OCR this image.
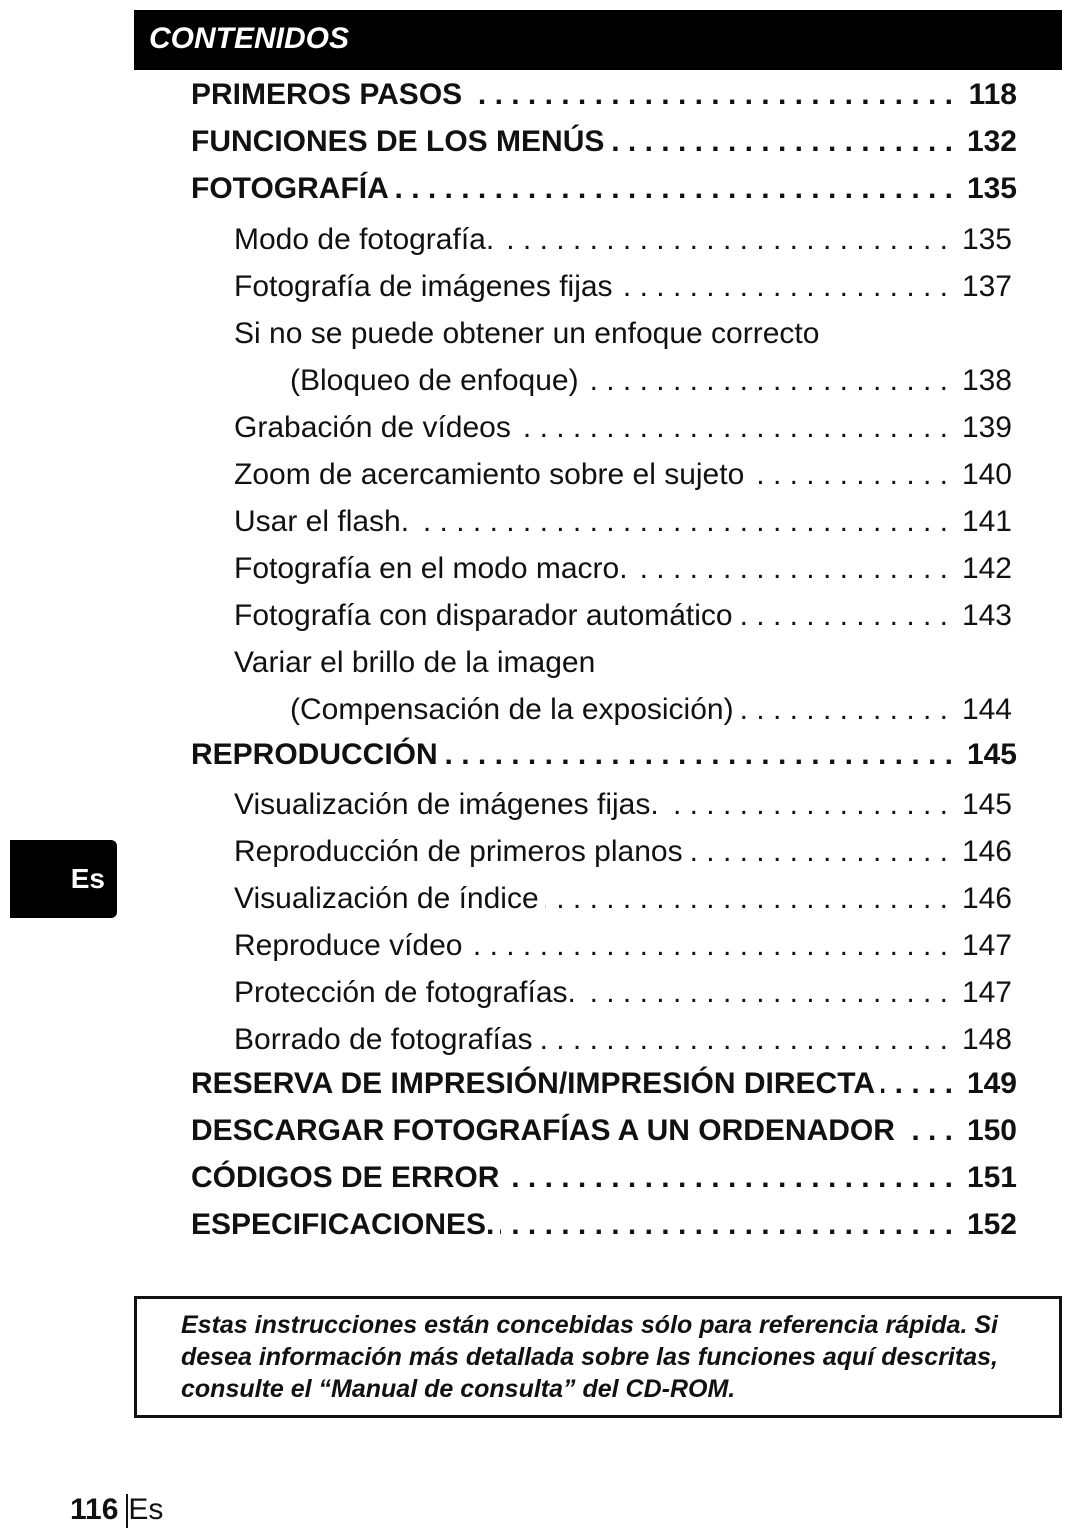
CONTENIDOS
PRIMEROS PASOS . . .	118
FUNCIONES DE LOS MENÚS . . .	132
FOTOGRAFÍA . . .	135
Modo de fotografía. . . .	135
Fotografía de imágenes fijas . . .	137
Si no se puede obtener un enfoque correcto
(Bloqueo de enfoque) . . .	138
Grabación de vídeos . . .	139
Zoom de acercamiento sobre el sujeto . . .	140
Usar el flash. . . .	141
Fotografía en el modo macro. . . .	142
Fotografía con disparador automático . . .	143
Variar el brillo de la imagen
(Compensación de la exposición) . . .	144
REPRODUCCIÓN . . .	145
Visualización de imágenes fijas. . . .	145
Reproducción de primeros planos . . .	146
Visualización de índice . . .	146
Reproduce vídeo . . .	147
Protección de fotografías. . . .	147
Borrado de fotografías . . .	148
RESERVA DE IMPRESIÓN/IMPRESIÓN DIRECTA . . .	149
DESCARGAR FOTOGRAFÍAS A UN ORDENADOR . . . 150
CÓDIGOS DE ERROR . . .	151
ESPECIFICACIONES. . . .	152
Es
Estas instrucciones están concebidas sólo para referencia rápida. Si desea información más detallada sobre las funciones aquí descritas, consulte el “Manual de consulta” del CD-ROM.
116 Es
